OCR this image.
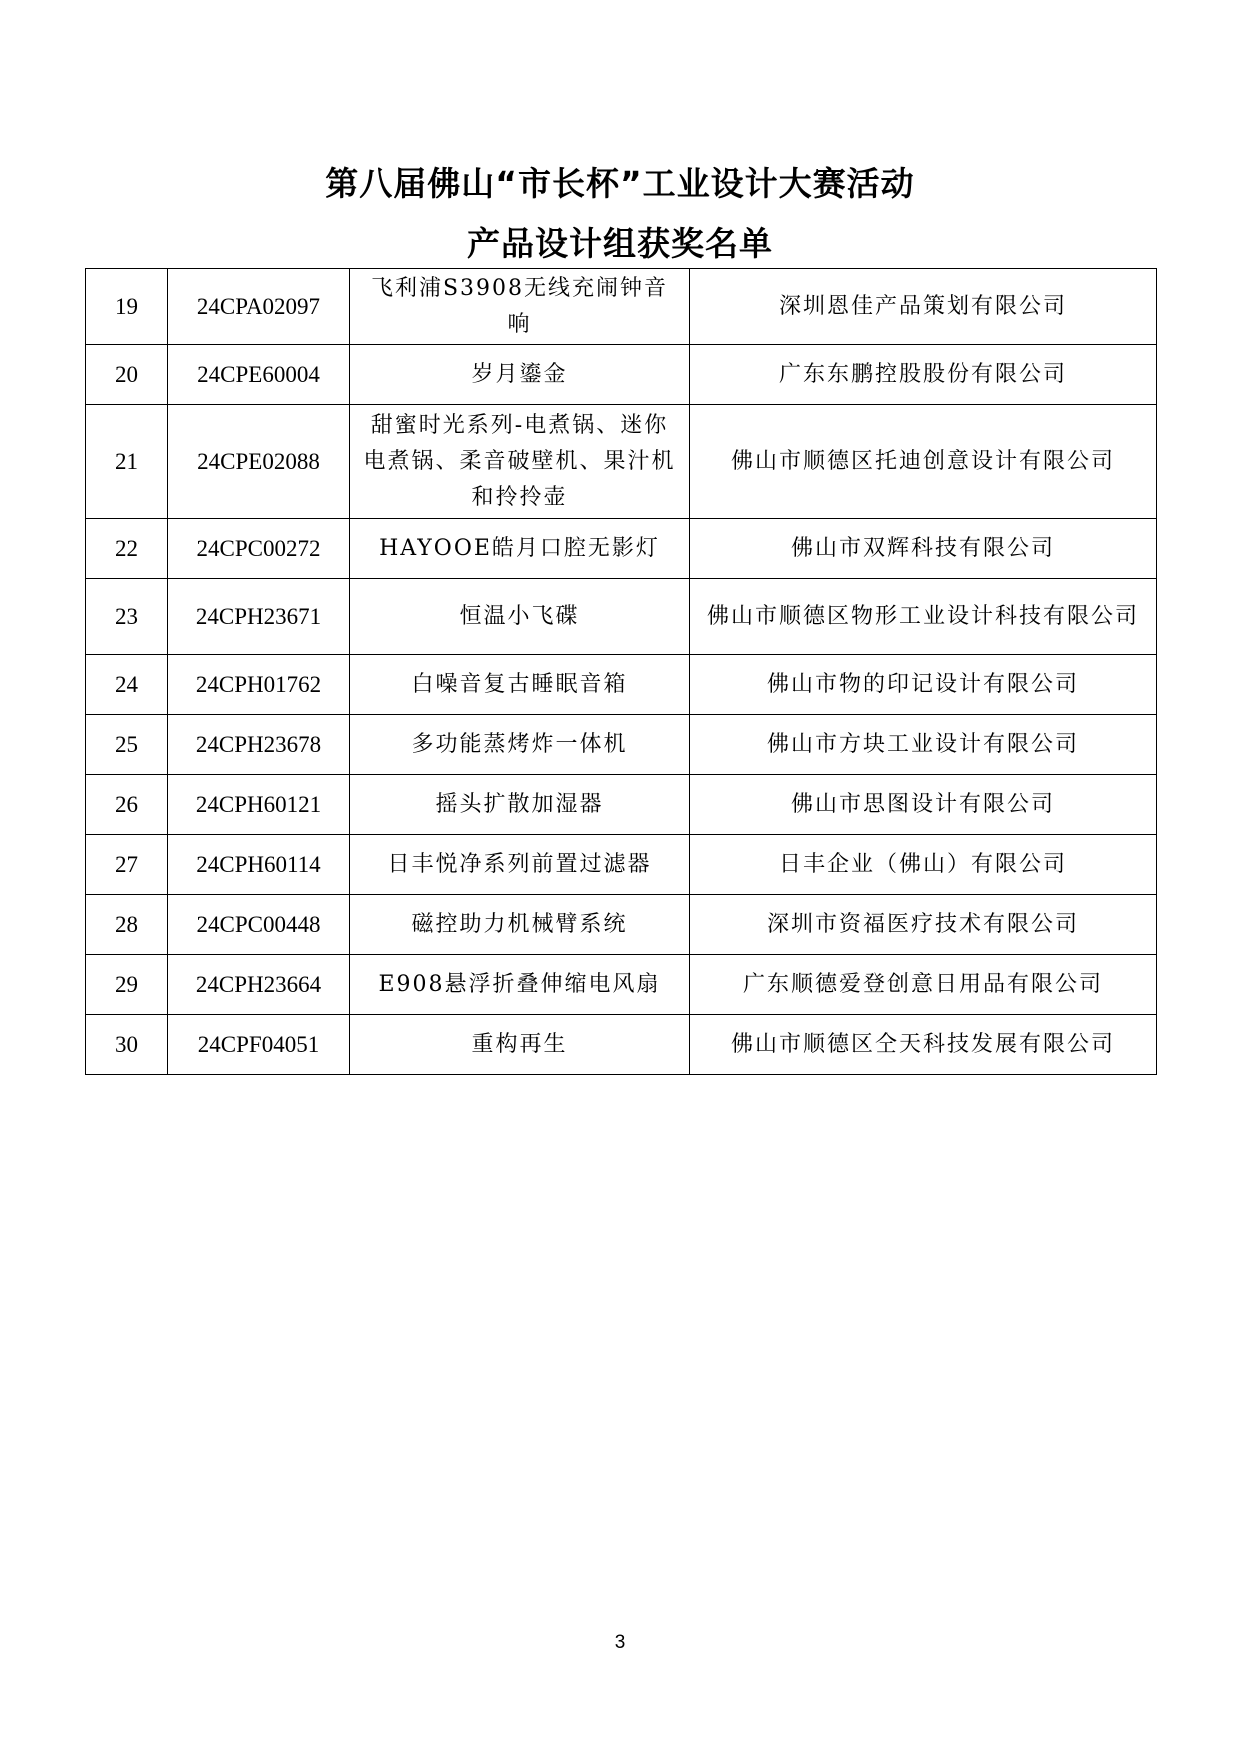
第八届佛山“市长杯”工业设计大赛活动
产品设计组获奖名单
19	24CPA02097	飞利浦S3908无线充闹钟音响	深圳恩佳产品策划有限公司
20	24CPE60004	岁月鎏金	广东东鹏控股股份有限公司
21	24CPE02088	甜蜜时光系列-电煮锅、迷你电煮锅、柔音破壁机、果汁机和拎拎壶	佛山市顺德区托迪创意设计有限公司
22	24CPC00272	HAYOOE皓月口腔无影灯	佛山市双辉科技有限公司
23	24CPH23671	恒温小飞碟	佛山市顺德区物形工业设计科技有限公司
24	24CPH01762	白噪音复古睡眠音箱	佛山市物的印记设计有限公司
25	24CPH23678	多功能蒸烤炸一体机	佛山市方块工业设计有限公司
26	24CPH60121	摇头扩散加湿器	佛山市思图设计有限公司
27	24CPH60114	日丰悦净系列前置过滤器	日丰企业（佛山）有限公司
28	24CPC00448	磁控助力机械臂系统	深圳市资福医疗技术有限公司
29	24CPH23664	E908悬浮折叠伸缩电风扇	广东顺德爱登创意日用品有限公司
30	24CPF04051	重构再生	佛山市顺德区仝天科技发展有限公司
3
